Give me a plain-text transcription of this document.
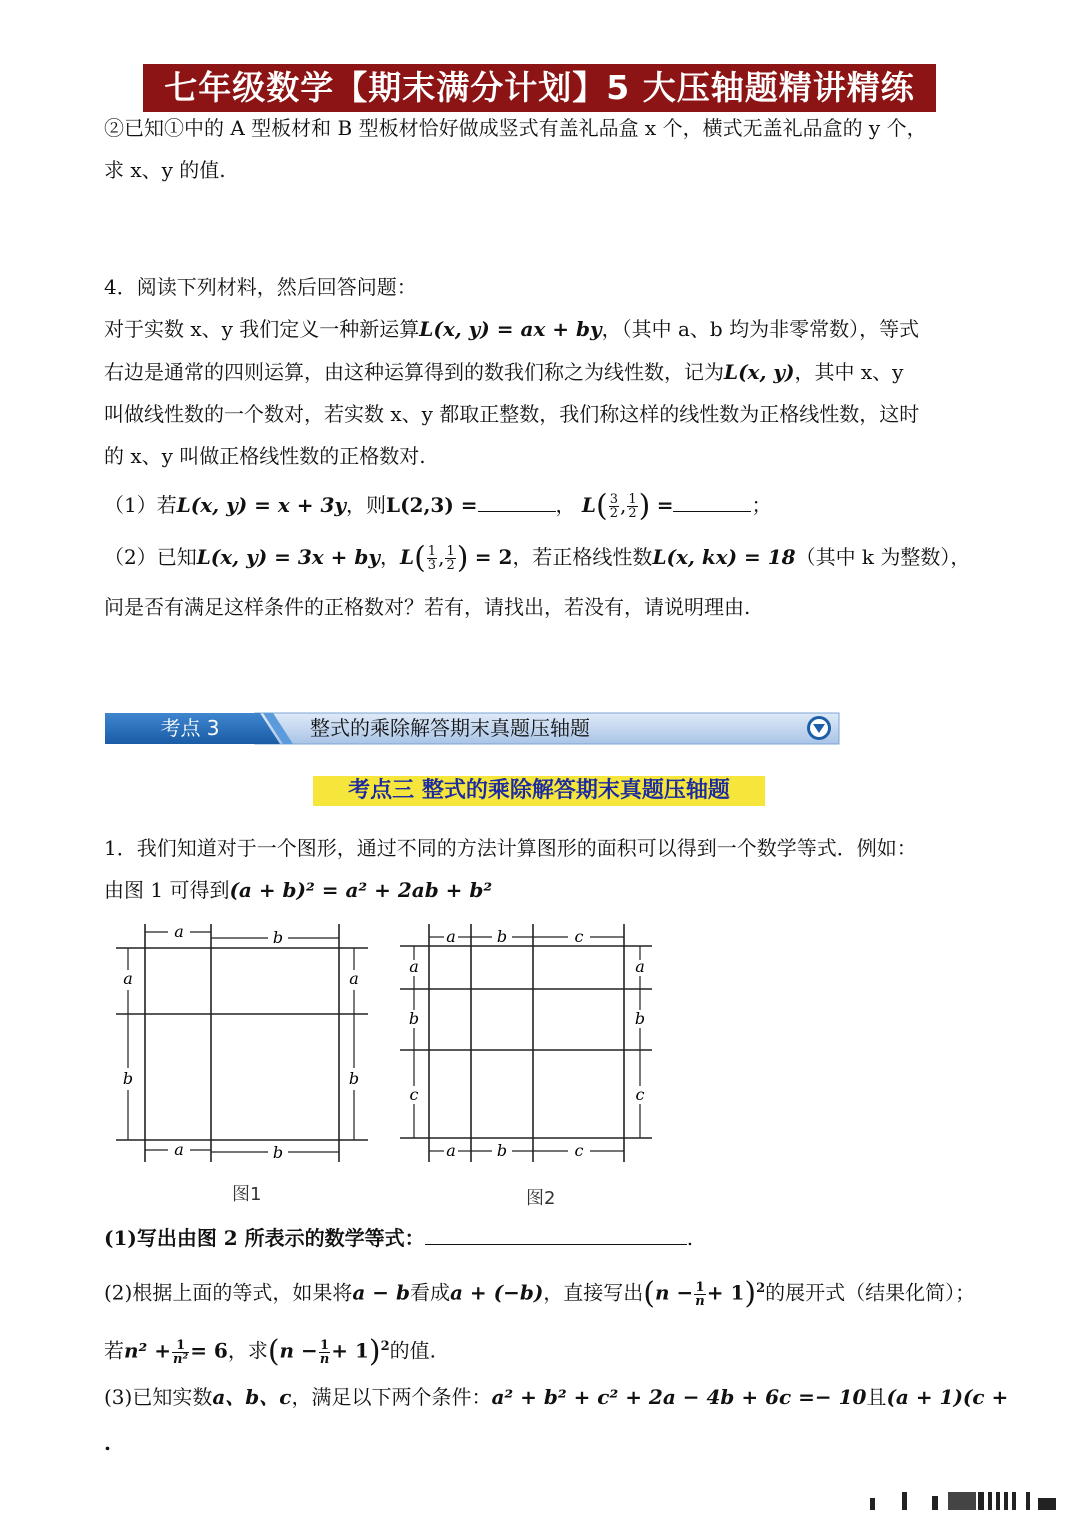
七年级数学【期末满分计划】5 大压轴题精讲精练
②已知①中的 A 型板材和 B 型板材恰好做成竖式有盖礼品盒 x 个，横式无盖礼品盒的 y 个，
求 x、y 的值.
4．阅读下列材料，然后回答问题：
对于实数 x、y 我们定义一种新运算L(x, y) = ax + by，（其中 a、b 均为非零常数），等式
右边是通常的四则运算，由这种运算得到的数我们称之为线性数，记为L(x, y)，其中 x、y
叫做线性数的一个数对，若实数 x、y 都取正整数，我们称这样的线性数为正格线性数，这时
的 x、y 叫做正格线性数的正格数对.
（1）若L(x, y) = x + 3y，则L(2,3) =	， $L( \frac{3}{2}$ , $\frac{1}{2}$ ) =	；
（2）已知L(x, y) = 3x + by，$L( \frac{1}{3}$ , $\frac{1}{2}$ ) = 2，若正格线性数L(x, kx) = 18（其中 k 为整数），
问是否有满足这样条件的正格数对？若有，请找出，若没有，请说明理由.
考点 3	整式的乘除解答期末真题压轴题
考点三 整式的乘除解答期末真题压轴题
1．我们知道对于一个图形，通过不同的方法计算图形的面积可以得到一个数学等式．例如：
由图 1 可得到(a + b)² = a² + 2ab + b²
a	b
a	b
a
b
a
b
图1
a	b	c
a	b	c
a
b
c
a
b
c
图2
(1)写出由图 2 所表示的数学等式：	.
(2)根据上面的等式，如果将a − b看成a + (−b)，直接写出$(n - \frac{1}{n} + 1)^2$的展开式（结果化简）；
若$n^2 + \frac{1}{\text{n²}} = 6$，求$(n - \frac{1}{n} + 1)^2$的值.
(3)已知实数a、b、c，满足以下两个条件：a² + b² + c² + 2a − 4b + 6c =− 10且(a + 1)(c +
.
